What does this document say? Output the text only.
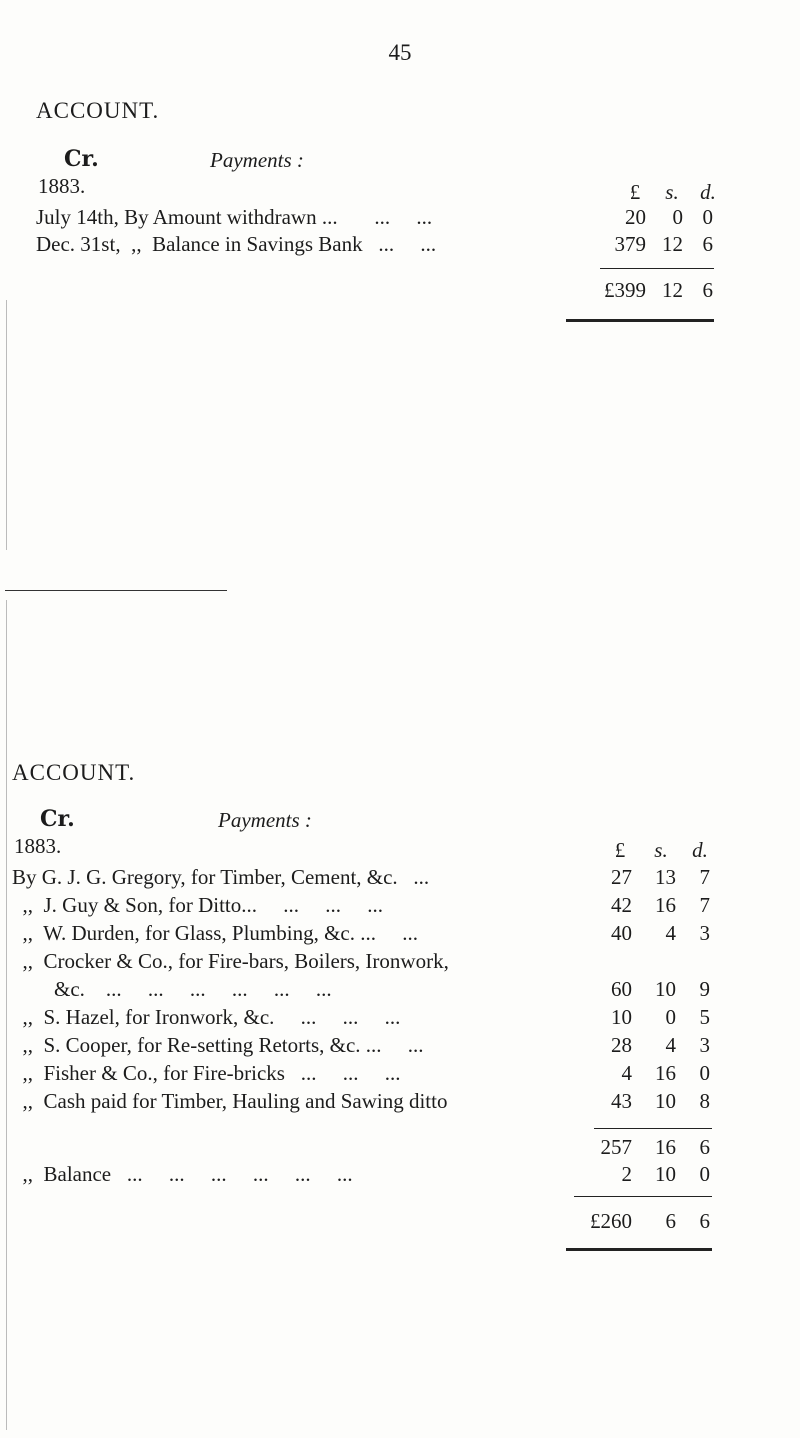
45
ACCOUNT.
Cr.	Payments :
1883.	£	s.	d.
July 14th, By Amount withdrawn ...       ...     ...	20	0 0
Dec. 31st,  ,,  Balance in Savings Bank   ...     ...	379 12 6
£399 12 6
ACCOUNT.
Cr.	Payments :
1883.	£	s.	d.
By G. J. G. Gregory, for Timber, Cement, &c.   ...	27	13	7
,,  J. Guy & Son, for Ditto...     ...     ...     ...	42	16	7
,,  W. Durden, for Glass, Plumbing, &c. ...     ...	40	4	3
,,  Crocker & Co., for Fire-bars, Boilers, Ironwork,
&c.    ...     ...     ...     ...     ...     ...	60	10	9
,,  S. Hazel, for Ironwork, &c.     ...     ...     ...	10	0	5
,,  S. Cooper, for Re-setting Retorts, &c. ...     ...	28	4	3
,,  Fisher & Co., for Fire-bricks   ...     ...     ...	4	16	0
,,  Cash paid for Timber, Hauling and Sawing ditto	43	10	8
257	16	6
,,  Balance   ...     ...     ...     ...     ...     ...	2	10	0
£260	6	6
